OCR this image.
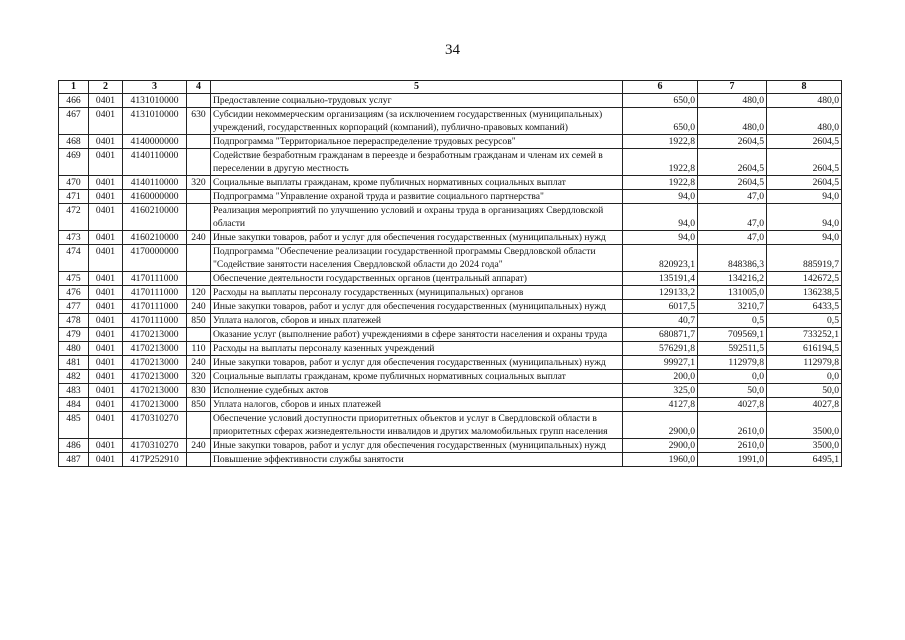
34
1	2	3	4	5	6	7	8
466	0401	4131010000		Предоставление социально-трудовых услуг	650,0	480,0	480,0
467	0401	4131010000	630	Субсидии некоммерческим организациям (за исключением государственных (муниципальных) учреждений, государственных корпораций (компаний), публично-правовых компаний)	650,0	480,0	480,0
468	0401	4140000000		Подпрограмма "Территориальное перераспределение трудовых ресурсов"	1922,8	2604,5	2604,5
469	0401	4140110000		Содействие безработным гражданам в переезде и безработным гражданам и членам их семей в переселении в другую местность	1922,8	2604,5	2604,5
470	0401	4140110000	320	Социальные выплаты гражданам, кроме публичных нормативных социальных выплат	1922,8	2604,5	2604,5
471	0401	4160000000		Подпрограмма "Управление охраной труда и развитие социального партнерства"	94,0	47,0	94,0
472	0401	4160210000		Реализация мероприятий по улучшению условий и охраны труда в организациях Свердловской области	94,0	47,0	94,0
473	0401	4160210000	240	Иные закупки товаров, работ и услуг для обеспечения государственных (муниципальных) нужд	94,0	47,0	94,0
474	0401	4170000000		Подпрограмма "Обеспечение реализации государственной программы Свердловской области "Содействие занятости населения Свердловской области до 2024 года"	820923,1	848386,3	885919,7
475	0401	4170111000		Обеспечение деятельности государственных органов (центральный аппарат)	135191,4	134216,2	142672,5
476	0401	4170111000	120	Расходы на выплаты персоналу государственных (муниципальных) органов	129133,2	131005,0	136238,5
477	0401	4170111000	240	Иные закупки товаров, работ и услуг для обеспечения государственных (муниципальных) нужд	6017,5	3210,7	6433,5
478	0401	4170111000	850	Уплата налогов, сборов и иных платежей	40,7	0,5	0,5
479	0401	4170213000		Оказание услуг (выполнение работ) учреждениями в сфере занятости населения и охраны труда	680871,7	709569,1	733252,1
480	0401	4170213000	110	Расходы на выплаты персоналу казенных учреждений	576291,8	592511,5	616194,5
481	0401	4170213000	240	Иные закупки товаров, работ и услуг для обеспечения государственных (муниципальных) нужд	99927,1	112979,8	112979,8
482	0401	4170213000	320	Социальные выплаты гражданам, кроме публичных нормативных социальных выплат	200,0	0,0	0,0
483	0401	4170213000	830	Исполнение судебных актов	325,0	50,0	50,0
484	0401	4170213000	850	Уплата налогов, сборов и иных платежей	4127,8	4027,8	4027,8
485	0401	4170310270		Обеспечение условий доступности приоритетных объектов и услуг в Свердловской области в приоритетных сферах жизнедеятельности инвалидов и других маломобильных групп населения	2900,0	2610,0	3500,0
486	0401	4170310270	240	Иные закупки товаров, работ и услуг для обеспечения государственных (муниципальных) нужд	2900,0	2610,0	3500,0
487	0401	417P252910		Повышение эффективности службы занятости	1960,0	1991,0	6495,1
